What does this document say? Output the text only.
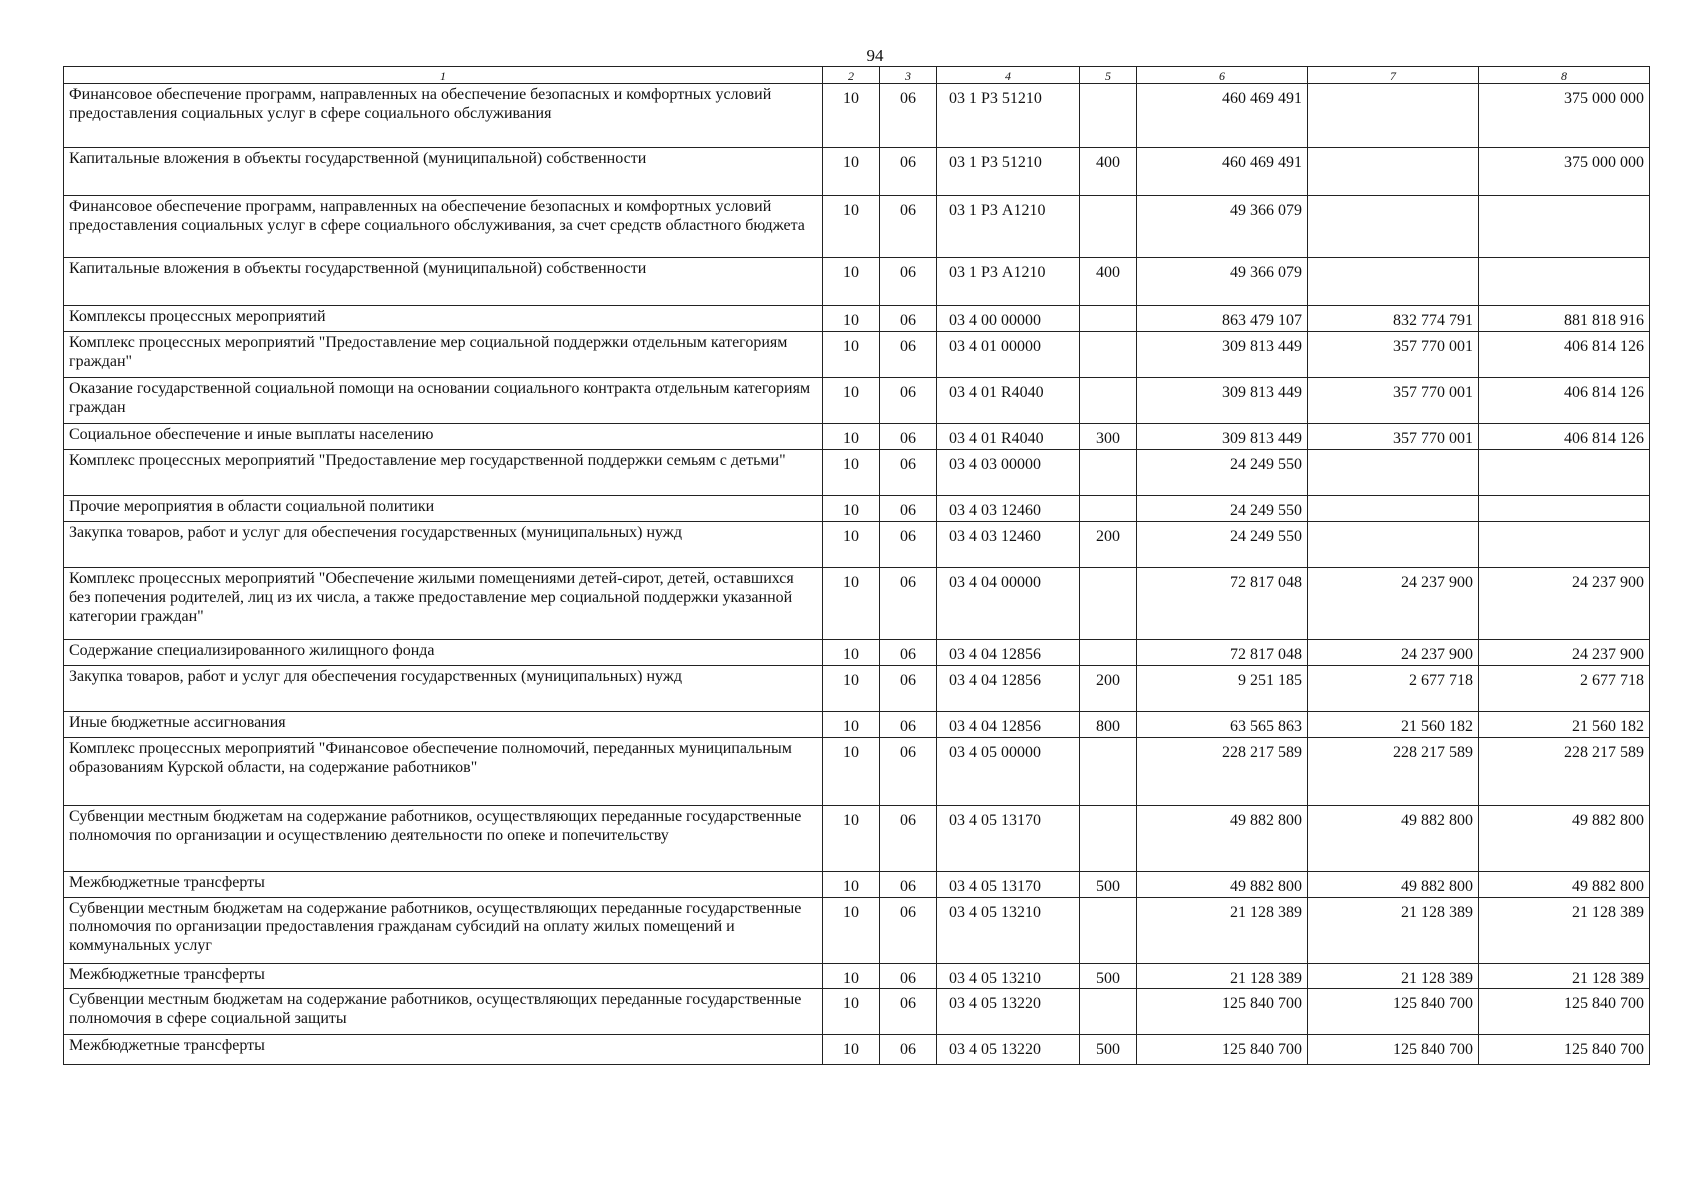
94
1	2	3	4	5	6	7	8
Финансовое обеспечение программ, направленных на обеспечение безопасных и комфортных условий предоставления социальных услуг в сфере социального обслуживания	10	06	03 1 Р3 51210		460 469 491		375 000 000
Капитальные вложения в объекты государственной (муниципальной) собственности	10	06	03 1 Р3 51210	400	460 469 491		375 000 000
Финансовое обеспечение программ, направленных на обеспечение безопасных и комфортных условий предоставления социальных услуг в сфере социального обслуживания, за счет средств областного бюджета	10	06	03 1 Р3 А1210		49 366 079		
Капитальные вложения в объекты государственной (муниципальной) собственности	10	06	03 1 Р3 А1210	400	49 366 079		
Комплексы процессных мероприятий	10	06	03 4 00 00000		863 479 107	832 774 791	881 818 916
Комплекс процессных мероприятий "Предоставление мер социальной поддержки отдельным категориям граждан"	10	06	03 4 01 00000		309 813 449	357 770 001	406 814 126
Оказание государственной социальной помощи на основании социального контракта отдельным категориям граждан	10	06	03 4 01 R4040		309 813 449	357 770 001	406 814 126
Социальное обеспечение и иные выплаты населению	10	06	03 4 01 R4040	300	309 813 449	357 770 001	406 814 126
Комплекс процессных мероприятий "Предоставление мер государственной поддержки семьям с детьми"	10	06	03 4 03 00000		24 249 550		
Прочие мероприятия в области социальной политики	10	06	03 4 03 12460		24 249 550		
Закупка товаров, работ и услуг для обеспечения государственных (муниципальных) нужд	10	06	03 4 03 12460	200	24 249 550		
Комплекс процессных мероприятий "Обеспечение жилыми помещениями детей-сирот, детей, оставшихся без попечения родителей, лиц из их числа, а также предоставление мер социальной поддержки указанной категории граждан"	10	06	03 4 04 00000		72 817 048	24 237 900	24 237 900
Содержание специализированного жилищного фонда	10	06	03 4 04 12856		72 817 048	24 237 900	24 237 900
Закупка товаров, работ и услуг для обеспечения государственных (муниципальных) нужд	10	06	03 4 04 12856	200	9 251 185	2 677 718	2 677 718
Иные бюджетные ассигнования	10	06	03 4 04 12856	800	63 565 863	21 560 182	21 560 182
Комплекс процессных мероприятий "Финансовое обеспечение полномочий, переданных муниципальным образованиям Курской области, на содержание работников"	10	06	03 4 05 00000		228 217 589	228 217 589	228 217 589
Субвенции местным бюджетам на содержание работников, осуществляющих переданные государственные полномочия по организации и осуществлению деятельности по опеке и попечительству	10	06	03 4 05 13170		49 882 800	49 882 800	49 882 800
Межбюджетные трансферты	10	06	03 4 05 13170	500	49 882 800	49 882 800	49 882 800
Субвенции местным бюджетам на содержание работников, осуществляющих переданные государственные полномочия по организации предоставления гражданам субсидий на оплату жилых помещений и коммунальных услуг	10	06	03 4 05 13210		21 128 389	21 128 389	21 128 389
Межбюджетные трансферты	10	06	03 4 05 13210	500	21 128 389	21 128 389	21 128 389
Субвенции местным бюджетам на содержание работников, осуществляющих переданные государственные полномочия в сфере социальной защиты	10	06	03 4 05 13220		125 840 700	125 840 700	125 840 700
Межбюджетные трансферты	10	06	03 4 05 13220	500	125 840 700	125 840 700	125 840 700
